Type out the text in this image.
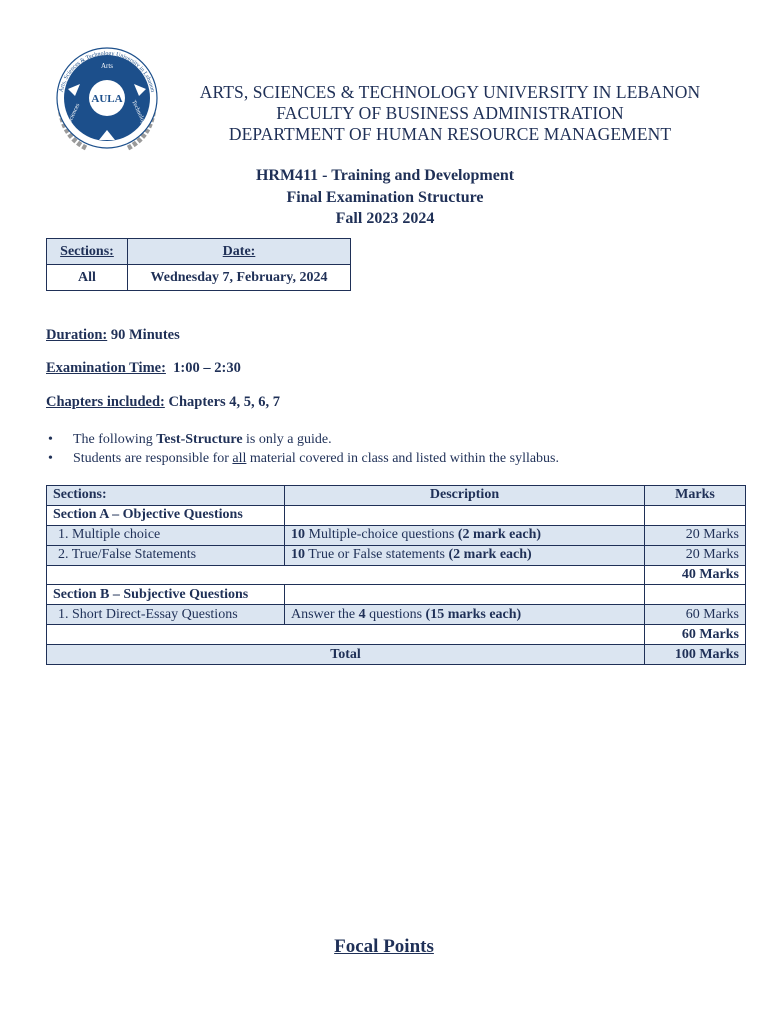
Arts, Sciences & Technology University in Lebanon
Arts
Technology
Sciences
AULA	ARTS, SCIENCES & TECHNOLOGY UNIVERSITY IN LEBANON
FACULTY OF BUSINESS ADMINISTRATION
DEPARTMENT OF HUMAN RESOURCE MANAGEMENT
HRM411 - Training and Development
Final Examination Structure
Fall 2023 2024
Sections:	Date:
All	Wednesday 7, February, 2024
Duration: 90 Minutes
Examination Time:  1:00 – 2:30
Chapters included: Chapters 4, 5, 6, 7
• The following Test-Structure is only a guide.
• Students are responsible for all material covered in class and listed within the syllabus.
Sections:	Description	Marks
Section A – Objective Questions		
1. Multiple choice	10 Multiple-choice questions (2 mark each)	20 Marks
2. True/False Statements	10 True or False statements (2 mark each)	20 Marks
		40 Marks
Section B – Subjective Questions		
1. Short Direct-Essay Questions	Answer the 4 questions (15 marks each)	60 Marks
		60 Marks
Total		100 Marks
Focal Points
